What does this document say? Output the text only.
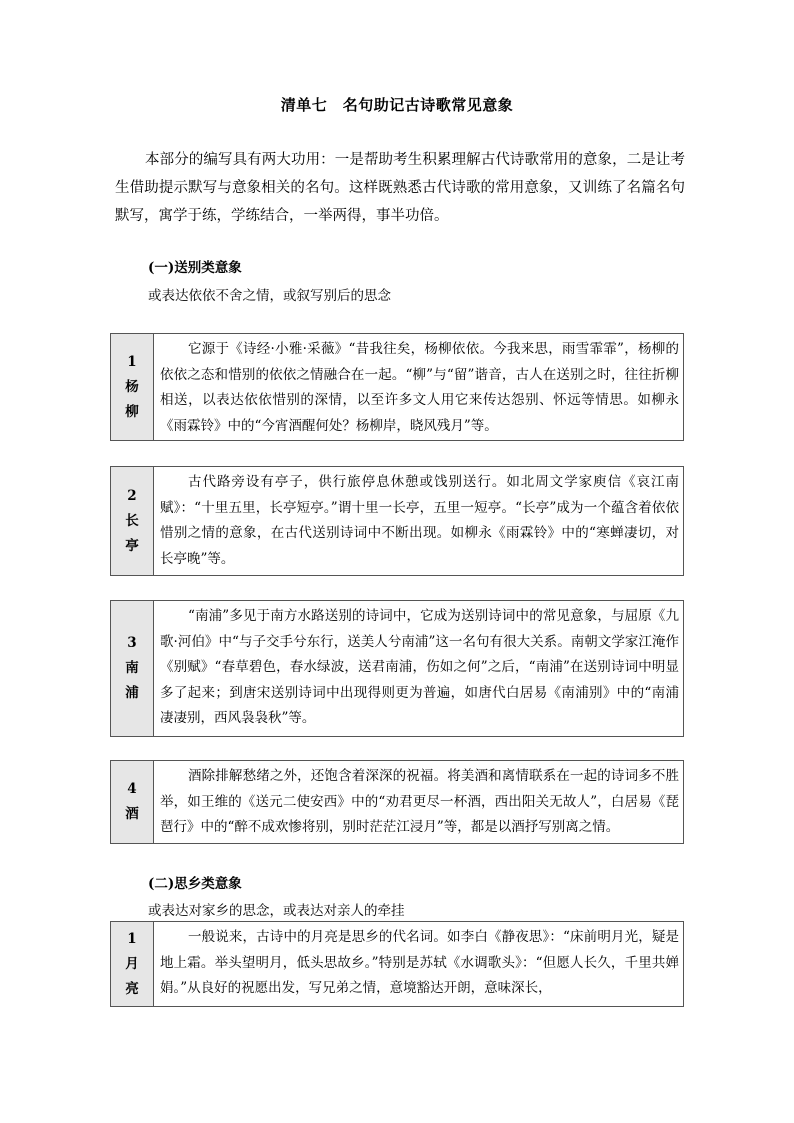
清单七　名句助记古诗歌常见意象
本部分的编写具有两大功用：一是帮助考生积累理解古代诗歌常用的意象，二是让考生借助提示默写与意象相关的名句。这样既熟悉古代诗歌的常用意象，又训练了名篇名句默写，寓学于练，学练结合，一举两得，事半功倍。
(一)送别类意象
或表达依依不舍之情，或叙写别后的思念
1
杨
柳
它源于《诗经·小雅·采薇》“昔我往矣，杨柳依依。今我来思，雨雪霏霏”，杨柳的依依之态和惜别的依依之情融合在一起。“柳”与“留”谐音，古人在送别之时，往往折柳相送，以表达依依惜别的深情，以至许多文人用它来传达怨别、怀远等情思。如柳永《雨霖铃》中的“今宵酒醒何处？杨柳岸，晓风残月”等。
2
长
亭
古代路旁设有亭子，供行旅停息休憩或饯别送行。如北周文学家庾信《哀江南赋》：“十里五里，长亭短亭。”谓十里一长亭，五里一短亭。“长亭”成为一个蕴含着依依惜别之情的意象，在古代送别诗词中不断出现。如柳永《雨霖铃》中的“寒蝉凄切，对长亭晚”等。
3
南
浦
“南浦”多见于南方水路送别的诗词中，它成为送别诗词中的常见意象，与屈原《九歌·河伯》中“与子交手兮东行，送美人兮南浦”这一名句有很大关系。南朝文学家江淹作《别赋》“春草碧色，春水绿波，送君南浦，伤如之何”之后，“南浦”在送别诗词中明显多了起来；到唐宋送别诗词中出现得则更为普遍，如唐代白居易《南浦别》中的“南浦凄凄别，西风袅袅秋”等。
4
酒
酒除排解愁绪之外，还饱含着深深的祝福。将美酒和离情联系在一起的诗词多不胜举，如王维的《送元二使安西》中的“劝君更尽一杯酒，西出阳关无故人”，白居易《琵琶行》中的“醉不成欢惨将别，别时茫茫江浸月”等，都是以酒抒写别离之情。
(二)思乡类意象
或表达对家乡的思念，或表达对亲人的牵挂
1
月
亮
一般说来，古诗中的月亮是思乡的代名词。如李白《静夜思》：“床前明月光，疑是地上霜。举头望明月，低头思故乡。”特别是苏轼《水调歌头》：“但愿人长久，千里共婵娟。”从良好的祝愿出发，写兄弟之情，意境豁达开朗，意味深长，
